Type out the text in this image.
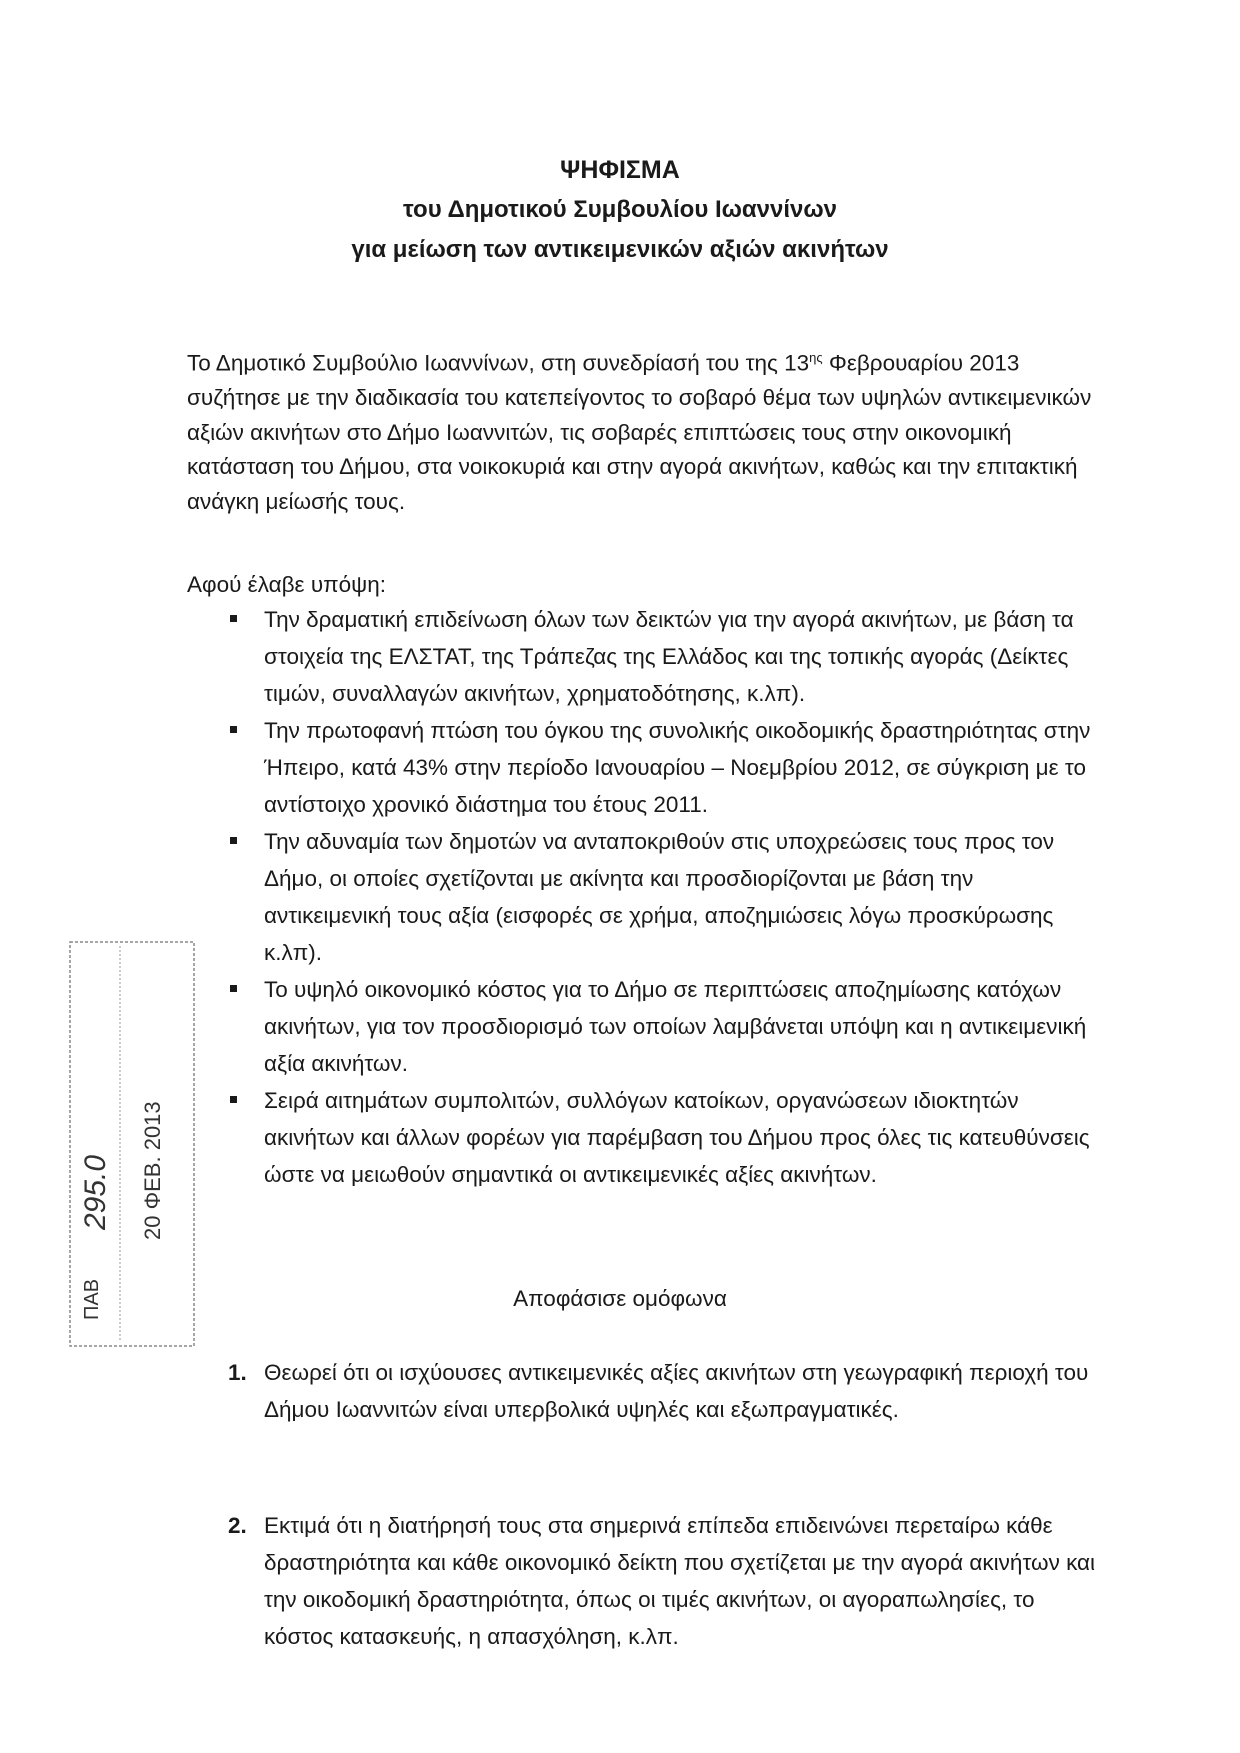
ΨΗΦΙΣΜΑ
του Δημοτικού Συμβουλίου Ιωαννίνων
για μείωση των αντικειμενικών αξιών ακινήτων

Το Δημοτικό Συμβούλιο Ιωαννίνων, στη συνεδρίασή του της $13^{\eta\varsigma}$ Φεβρουαρίου 2013 συζήτησε με την διαδικασία του κατεπείγοντος το σοβαρό θέμα των υψηλών αντικειμενικών αξιών ακινήτων στο Δήμο Ιωαννιτών, τις σοβαρές επιπτώσεις τους στην οικονομική κατάσταση του Δήμου, στα νοικοκυριά και στην αγορά ακινήτων, καθώς και την επιτακτική ανάγκη μείωσής τους.

Αφού έλαβε υπόψη:
Την δραματική επιδείνωση όλων των δεικτών για την αγορά ακινήτων, με βάση τα στοιχεία της ΕΛΣΤΑΤ, της Τράπεζας της Ελλάδος και της τοπικής αγοράς (Δείκτες τιμών, συναλλαγών ακινήτων, χρηματοδότησης, κ.λπ).
Την πρωτοφανή πτώση του όγκου της συνολικής οικοδομικής δραστηριότητας στην Ήπειρο, κατά 43% στην περίοδο Ιανουαρίου – Νοεμβρίου 2012, σε σύγκριση με το αντίστοιχο χρονικό διάστημα του έτους 2011.
Την αδυναμία των δημοτών να ανταποκριθούν στις υποχρεώσεις τους προς τον Δήμο, οι οποίες σχετίζονται με ακίνητα και προσδιορίζονται με βάση την αντικειμενική τους αξία (εισφορές σε χρήμα, αποζημιώσεις λόγω προσκύρωσης κ.λπ).
Το υψηλό οικονομικό κόστος για το Δήμο σε περιπτώσεις αποζημίωσης κατόχων ακινήτων, για τον προσδιορισμό των οποίων λαμβάνεται υπόψη και η αντικειμενική αξία ακινήτων.
Σειρά αιτημάτων συμπολιτών, συλλόγων κατοίκων, οργανώσεων ιδιοκτητών ακινήτων και άλλων φορέων για παρέμβαση του Δήμου προς όλες τις κατευθύνσεις ώστε να μειωθούν σημαντικά οι αντικειμενικές αξίες ακινήτων.
Αποφάσισε ομόφωνα
1. Θεωρεί ότι οι ισχύουσες αντικειμενικές αξίες ακινήτων στη γεωγραφική περιοχή του Δήμου Ιωαννιτών είναι υπερβολικά υψηλές και εξωπραγματικές.
2. Εκτιμά ότι η διατήρησή τους στα σημερινά επίπεδα επιδεινώνει περεταίρω κάθε δραστηριότητα και κάθε οικονομικό δείκτη που σχετίζεται με την αγορά ακινήτων και την οικοδομική δραστηριότητα, όπως οι τιμές ακινήτων, οι αγοραπωλησίες, το κόστος κατασκευής, η απασχόληση, κ.λπ.
ΠΑΒ
295.0 20 ΦΕΒ. 2013
